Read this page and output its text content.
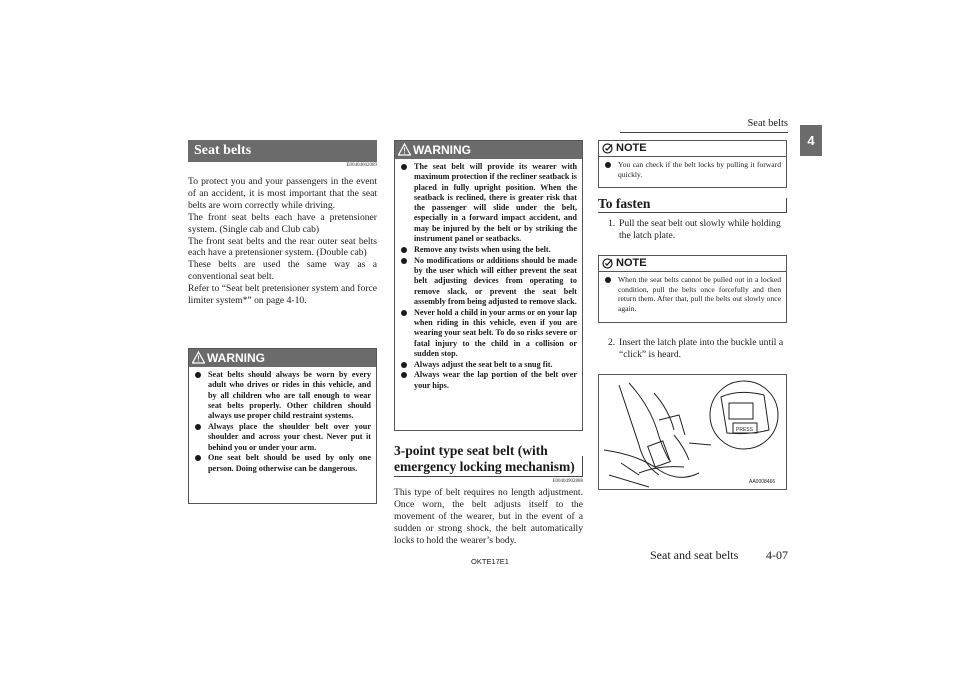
Seat belts
4
Seat belts
E00404602089

To protect you and your passengers in the event of an accident, it is most important that the seat belts are worn correctly while driving.

The front seat belts each have a pretensioner system. (Single cab and Club cab)

The front seat belts and the rear outer seat belts each have a pretensioner system. (Double cab)

These belts are used the same way as a conventional seat belt.

Refer to “Seat belt pretensioner system and force limiter system*” on page 4-10.

WARNING
Seat belts should always be worn by every adult who drives or rides in this vehicle, and by all children who are tall enough to wear seat belts properly. Other children should always use proper child restraint systems.
Always place the shoulder belt over your shoulder and across your chest. Never put it behind you or under your arm.
One seat belt should be used by only one person. Doing otherwise can be dangerous.
WARNING
The seat belt will provide its wearer with maximum protection if the recliner seatback is placed in fully upright position. When the seatback is reclined, there is greater risk that the passenger will slide under the belt, especially in a forward impact accident, and may be injured by the belt or by striking the instrument panel or seatbacks.
Remove any twists when using the belt.
No modifications or additions should be made by the user which will either prevent the seat belt adjusting devices from operating to remove slack, or prevent the seat belt assembly from being adjusted to remove slack.
Never hold a child in your arms or on your lap when riding in this vehicle, even if you are wearing your seat belt. To do so risks severe or fatal injury to the child in a collision or sudden stop.
Always adjust the seat belt to a snug fit.
Always wear the lap portion of the belt over your hips.
3-point type seat belt (with
emergency locking mechanism)
E00404902888
This type of belt requires no length adjustment. Once worn, the belt adjusts itself to the movement of the wearer, but in the event of a sudden or strong shock, the belt automatically locks to hold the wearer’s body.
NOTE
You can check if the belt locks by pulling it forward quickly.
To fasten
1. Pull the seat belt out slowly while holding the latch plate.
NOTE
When the seat belts cannot be pulled out in a locked condition, pull the belts once forcefully and then return them. After that, pull the belts out slowly once again.
2. Insert the latch plate into the buckle until a “click” is heard.
PRESS
AA0008466
OKTE17E1	Seat and seat belts	4-07
